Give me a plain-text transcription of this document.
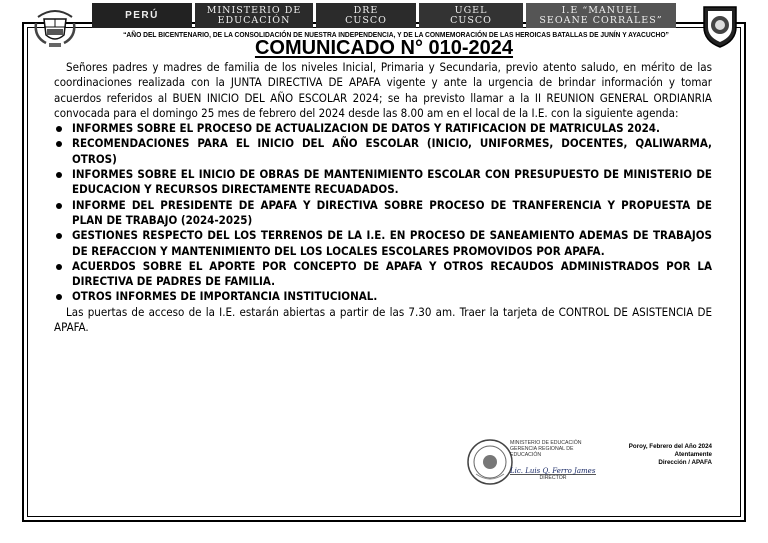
PERÚ	MINISTERIO DE
EDUCACIÓN
DRE
CUSCO
UGEL
CUSCO
I.E “MANUEL
SEOANE CORRALES”
“AÑO DEL BICENTENARIO, DE LA CONSOLIDACIÓN DE NUESTRA INDEPENDENCIA, Y DE LA CONMEMORACIÓN DE LAS HEROICAS BATALLAS DE JUNÍN Y AYACUCHO”
COMUNICADO N° 010-2024

Señores padres y madres de familia de los niveles Inicial, Primaria y Secundaria, previo atento saludo, en mérito de las coordinaciones realizada con la JUNTA DIRECTIVA DE APAFA vigente y ante la urgencia de brindar información y tomar acuerdos referidos al BUEN INICIO DEL AÑO ESCOLAR 2024; se ha previsto llamar a la II REUNION GENERAL ORDIANRIA convocada para el domingo 25 mes de febrero del 2024 desde las 8.00 am en el local de la I.E. con la siguiente agenda:

INFORMES SOBRE EL PROCESO DE ACTUALIZACION DE DATOS Y RATIFICACION DE MATRICULAS 2024.
RECOMENDACIONES PARA EL INICIO DEL AÑO ESCOLAR (INICIO, UNIFORMES, DOCENTES, QALIWARMA, OTROS)
INFORMES SOBRE EL INICIO DE OBRAS DE MANTENIMIENTO ESCOLAR CON PRESUPUESTO DE MINISTERIO DE EDUCACION Y RECURSOS DIRECTAMENTE RECUADADOS.
INFORME DEL PRESIDENTE DE APAFA Y DIRECTIVA SOBRE PROCESO DE TRANFERENCIA Y PROPUESTA DE PLAN DE TRABAJO (2024-2025)
GESTIONES RESPECTO DEL LOS TERRENOS DE LA I.E. EN PROCESO DE SANEAMIENTO ADEMAS DE TRABAJOS DE REFACCION Y MANTENIMIENTO DEL LOS LOCALES ESCOLARES PROMOVIDOS POR APAFA.
ACUERDOS SOBRE EL APORTE POR CONCEPTO DE APAFA Y OTROS RECAUDOS ADMINISTRADOS POR LA DIRECTIVA DE PADRES DE FAMILIA.
OTROS INFORMES DE IMPORTANCIA INSTITUCIONAL.

Las puertas de acceso de la I.E. estarán abiertas a partir de las 7.30 am. Traer la tarjeta de CONTROL DE ASISTENCIA DE APAFA.

MINISTERIO DE EDUCACIÓN
GERENCIA REGIONAL DE EDUCACIÓN
Lic. Luis Q. Ferro James
DIRECTOR
Poroy, Febrero del Año 2024
Atentamente
Dirección / APAFA
